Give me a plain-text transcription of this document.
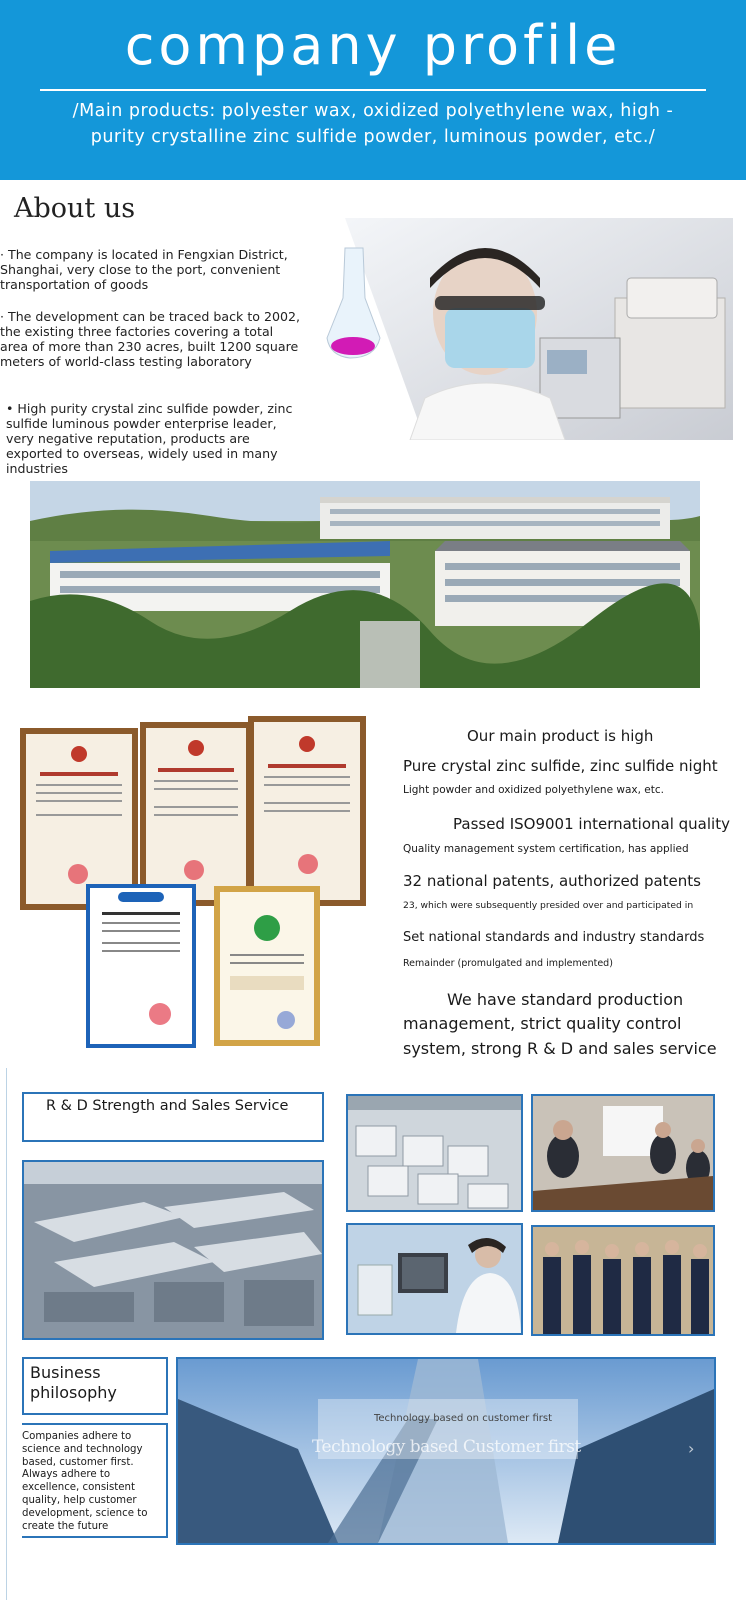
company profile
/Main products: polyester wax, oxidized polyethylene wax, high -
purity crystalline zinc sulfide powder, luminous powder, etc./
About us
· The company is located in Fengxian District, Shanghai, very close to the port, convenient transportation of goods
· The development can be traced back to 2002, the existing three factories covering a total area of more than 230 acres, built 1200 square meters of world-class testing laboratory
• High purity crystal zinc sulfide powder, zinc sulfide luminous powder enterprise leader, very negative reputation, products are exported to overseas, widely used in many industries
Our main product is high
Pure crystal zinc sulfide, zinc sulfide night
Light powder and oxidized polyethylene wax, etc.
Passed ISO9001 international quality
Quality management system certification, has applied
32 national patents, authorized patents
23, which were subsequently presided over and participated in
Set national standards and industry standards
Remainder (promulgated and implemented)
We have standard production
management, strict quality control
system, strong R & D and sales service
R & D Strength and Sales Service
Business philosophy
Companies adhere to science and technology based, customer first. Always adhere to excellence, consistent quality, help customer development, science to create the future
Technology based on customer first
Technology based Customer first	›
